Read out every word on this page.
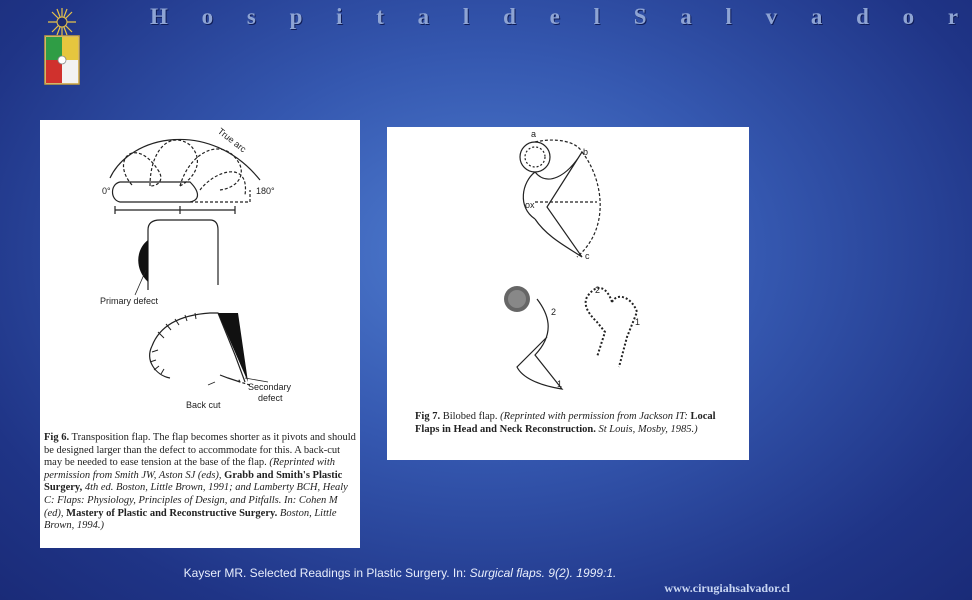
H o s p i t a l d e l S a l v a d o r
True arc
0°	180°
Primary defect
Secondary
defect
Back cut
Fig 6. Transposition flap. The flap becomes shorter as it pivots and should be designed larger than the defect to accommodate for this. A back-cut may be needed to ease tension at the base of the flap. (Reprinted with permission from Smith JW, Aston SJ (eds), Grabb and Smith's Plastic Surgery, 4th ed. Boston, Little Brown, 1991; and Lamberty BCH, Healy C: Flaps: Physiology, Principles of Design, and Pitfalls. In: Cohen M (ed), Mastery of Plastic and Reconstructive Surgery. Boston, Little Brown, 1994.)
a
b
c
ox
2
1
2
1
Fig 7. Bilobed flap. (Reprinted with permission from Jackson IT: Local Flaps in Head and Neck Reconstruction. St Louis, Mosby, 1985.)
Kayser MR. Selected Readings in Plastic Surgery. In: Surgical flaps. 9(2). 1999:1.
www.cirugiahsalvador.cl
